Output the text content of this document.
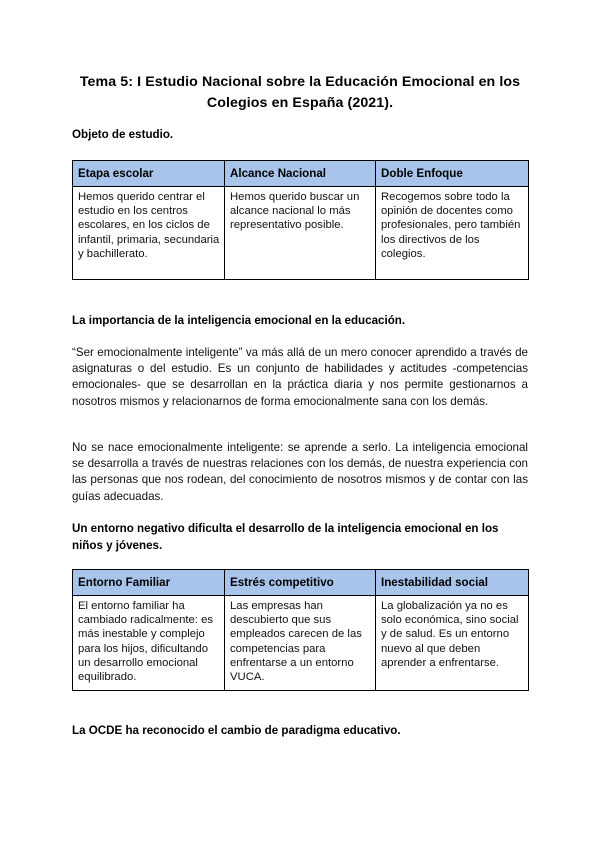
Tema 5: I Estudio Nacional sobre la Educación Emocional en los Colegios en España (2021).
Objeto de estudio.
Etapa escolar	Alcance Nacional	Doble Enfoque
Hemos querido centrar el estudio en los centros escolares, en los ciclos de infantil, primaria, secundaria y bachillerato.	Hemos querido buscar un alcance nacional lo más representativo posible.	Recogemos sobre todo la opinión de docentes como profesionales, pero también los directivos de los colegios.
La importancia de la inteligencia emocional en la educación.
“Ser emocionalmente inteligente” va más allá de un mero conocer aprendido a través de asignaturas o del estudio. Es un conjunto de habilidades y actitudes -competencias emocionales- que se desarrollan en la práctica diaria y nos permite gestionarnos a nosotros mismos y relacionarnos de forma emocionalmente sana con los demás.
No se nace emocionalmente inteligente: se aprende a serlo. La inteligencia emocional se desarrolla a través de nuestras relaciones con los demás, de nuestra experiencia con las personas que nos rodean, del conocimiento de nosotros mismos y de contar con las guías adecuadas.
Un entorno negativo dificulta el desarrollo de la inteligencia emocional en los niños y jóvenes.
Entorno Familiar	Estrés competitivo	Inestabilidad social
El entorno familiar ha cambiado radicalmente: es más inestable y complejo para los hijos, dificultando un desarrollo emocional equilibrado.	Las empresas han descubierto que sus empleados carecen de las competencias para enfrentarse a un entorno VUCA.	La globalización ya no es solo económica, sino social y de salud. Es un entorno nuevo al que deben aprender a enfrentarse.
La OCDE ha reconocido el cambio de paradigma educativo.
